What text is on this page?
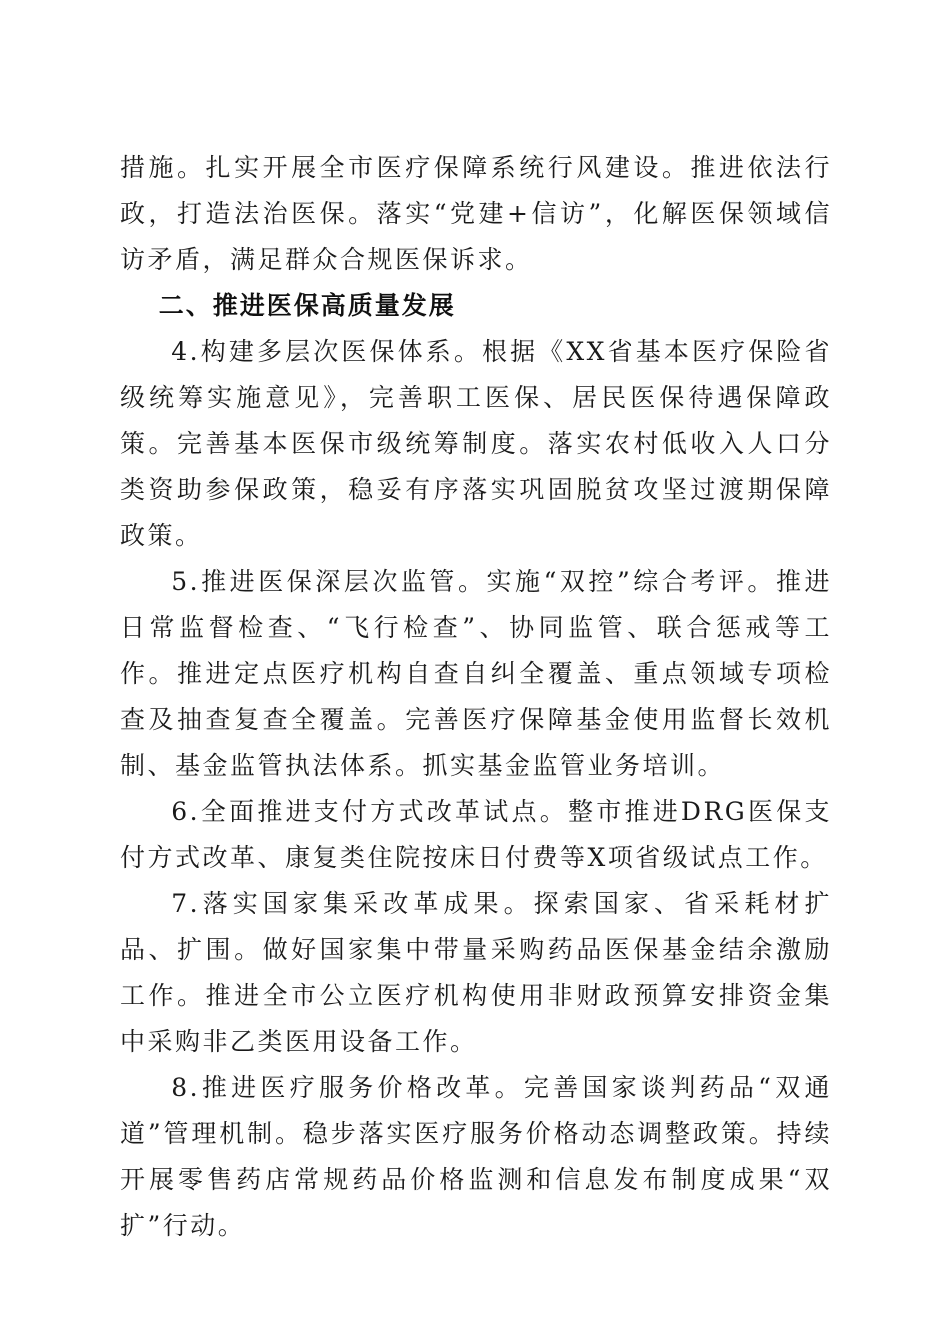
措施。扎实开展全市医疗保障系统行风建设。推进依法行政，打造法治医保。落实“党建+信访”，化解医保领域信访矛盾，满足群众合规医保诉求。

二、推进医保高质量发展

4.构建多层次医保体系。根据《XX省基本医疗保险省级统筹实施意见》，完善职工医保、居民医保待遇保障政策。完善基本医保市级统筹制度。落实农村低收入人口分类资助参保政策，稳妥有序落实巩固脱贫攻坚过渡期保障政策。

5.推进医保深层次监管。实施“双控”综合考评。推进日常监督检查、“飞行检查”、协同监管、联合惩戒等工作。推进定点医疗机构自查自纠全覆盖、重点领域专项检查及抽查复查全覆盖。完善医疗保障基金使用监督长效机制、基金监管执法体系。抓实基金监管业务培训。

6.全面推进支付方式改革试点。整市推进DRG医保支付方式改革、康复类住院按床日付费等X项省级试点工作。

7.落实国家集采改革成果。探索国家、省采耗材扩品、扩围。做好国家集中带量采购药品医保基金结余激励工作。推进全市公立医疗机构使用非财政预算安排资金集中采购非乙类医用设备工作。

8.推进医疗服务价格改革。完善国家谈判药品“双通道”管理机制。稳步落实医疗服务价格动态调整政策。持续开展零售药店常规药品价格监测和信息发布制度成果“双扩”行动。
